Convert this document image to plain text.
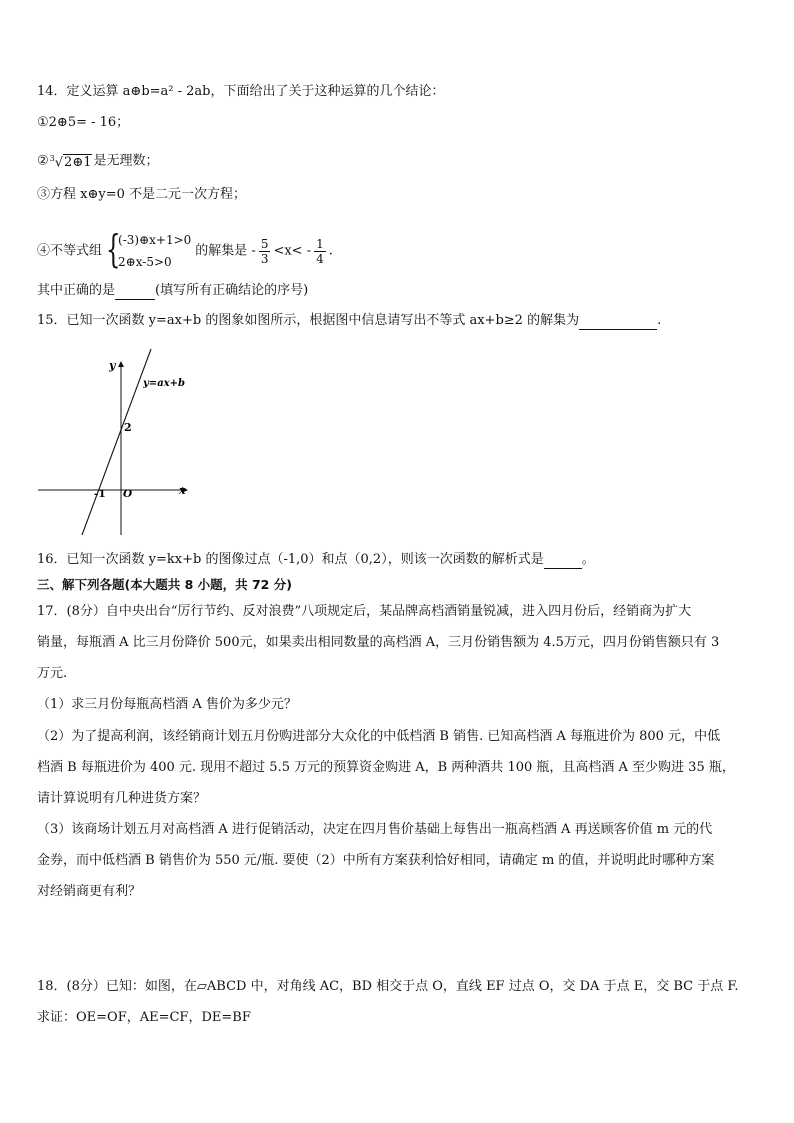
14．定义运算 a⊕b=a² - 2ab，下面给出了关于这种运算的几个结论：
①2⊕5= - 16；
②$^3$√2⊕1 是无理数；
③方程 x⊕y=0 不是二元一次方程；
④不等式组 {
(-3)⊕x+1>0
2⊕x-5>0
的解集是 - $\frac{5}{3} <x< - \frac{1}{4}$ .
其中正确的是	(填写所有正确结论的序号)
15．已知一次函数 y=ax+b 的图象如图所示，根据图中信息请写出不等式 ax+b≥2 的解集为	.
y
x
O
y=ax+b
2
-1
16．已知一次函数 y=kx+b 的图像过点（-1,0）和点（0,2），则该一次函数的解析式是	。
三、解下列各题(本大题共 8 小题，共 72 分)
17．(8分）自中央出台“厉行节约、反对浪费”八项规定后，某品牌高档酒销量锐减，进入四月份后，经销商为扩大
销量，每瓶酒 A 比三月份降价 500元，如果卖出相同数量的高档酒 A，三月份销售额为 4.5万元，四月份销售额只有 3
万元.
（1）求三月份每瓶高档酒 A 售价为多少元？
（2）为了提高利润，该经销商计划五月份购进部分大众化的中低档酒 B 销售. 已知高档酒 A 每瓶进价为 800 元，中低
档酒 B 每瓶进价为 400 元. 现用不超过 5.5 万元的预算资金购进 A，B 两种酒共 100 瓶，且高档酒 A 至少购进 35 瓶，
请计算说明有几种进货方案？
（3）该商场计划五月对高档酒 A 进行促销活动，决定在四月售价基础上每售出一瓶高档酒 A 再送顾客价值 m 元的代
金券，而中低档酒 B 销售价为 550 元/瓶. 要使（2）中所有方案获利恰好相同，请确定 m 的值，并说明此时哪种方案
对经销商更有利？
18．(8分）已知：如图，在▱ABCD 中，对角线 AC，BD 相交于点 O，直线 EF 过点 O，交 DA 于点 E，交 BC 于点 F.
求证：OE=OF，AE=CF，DE=BF
